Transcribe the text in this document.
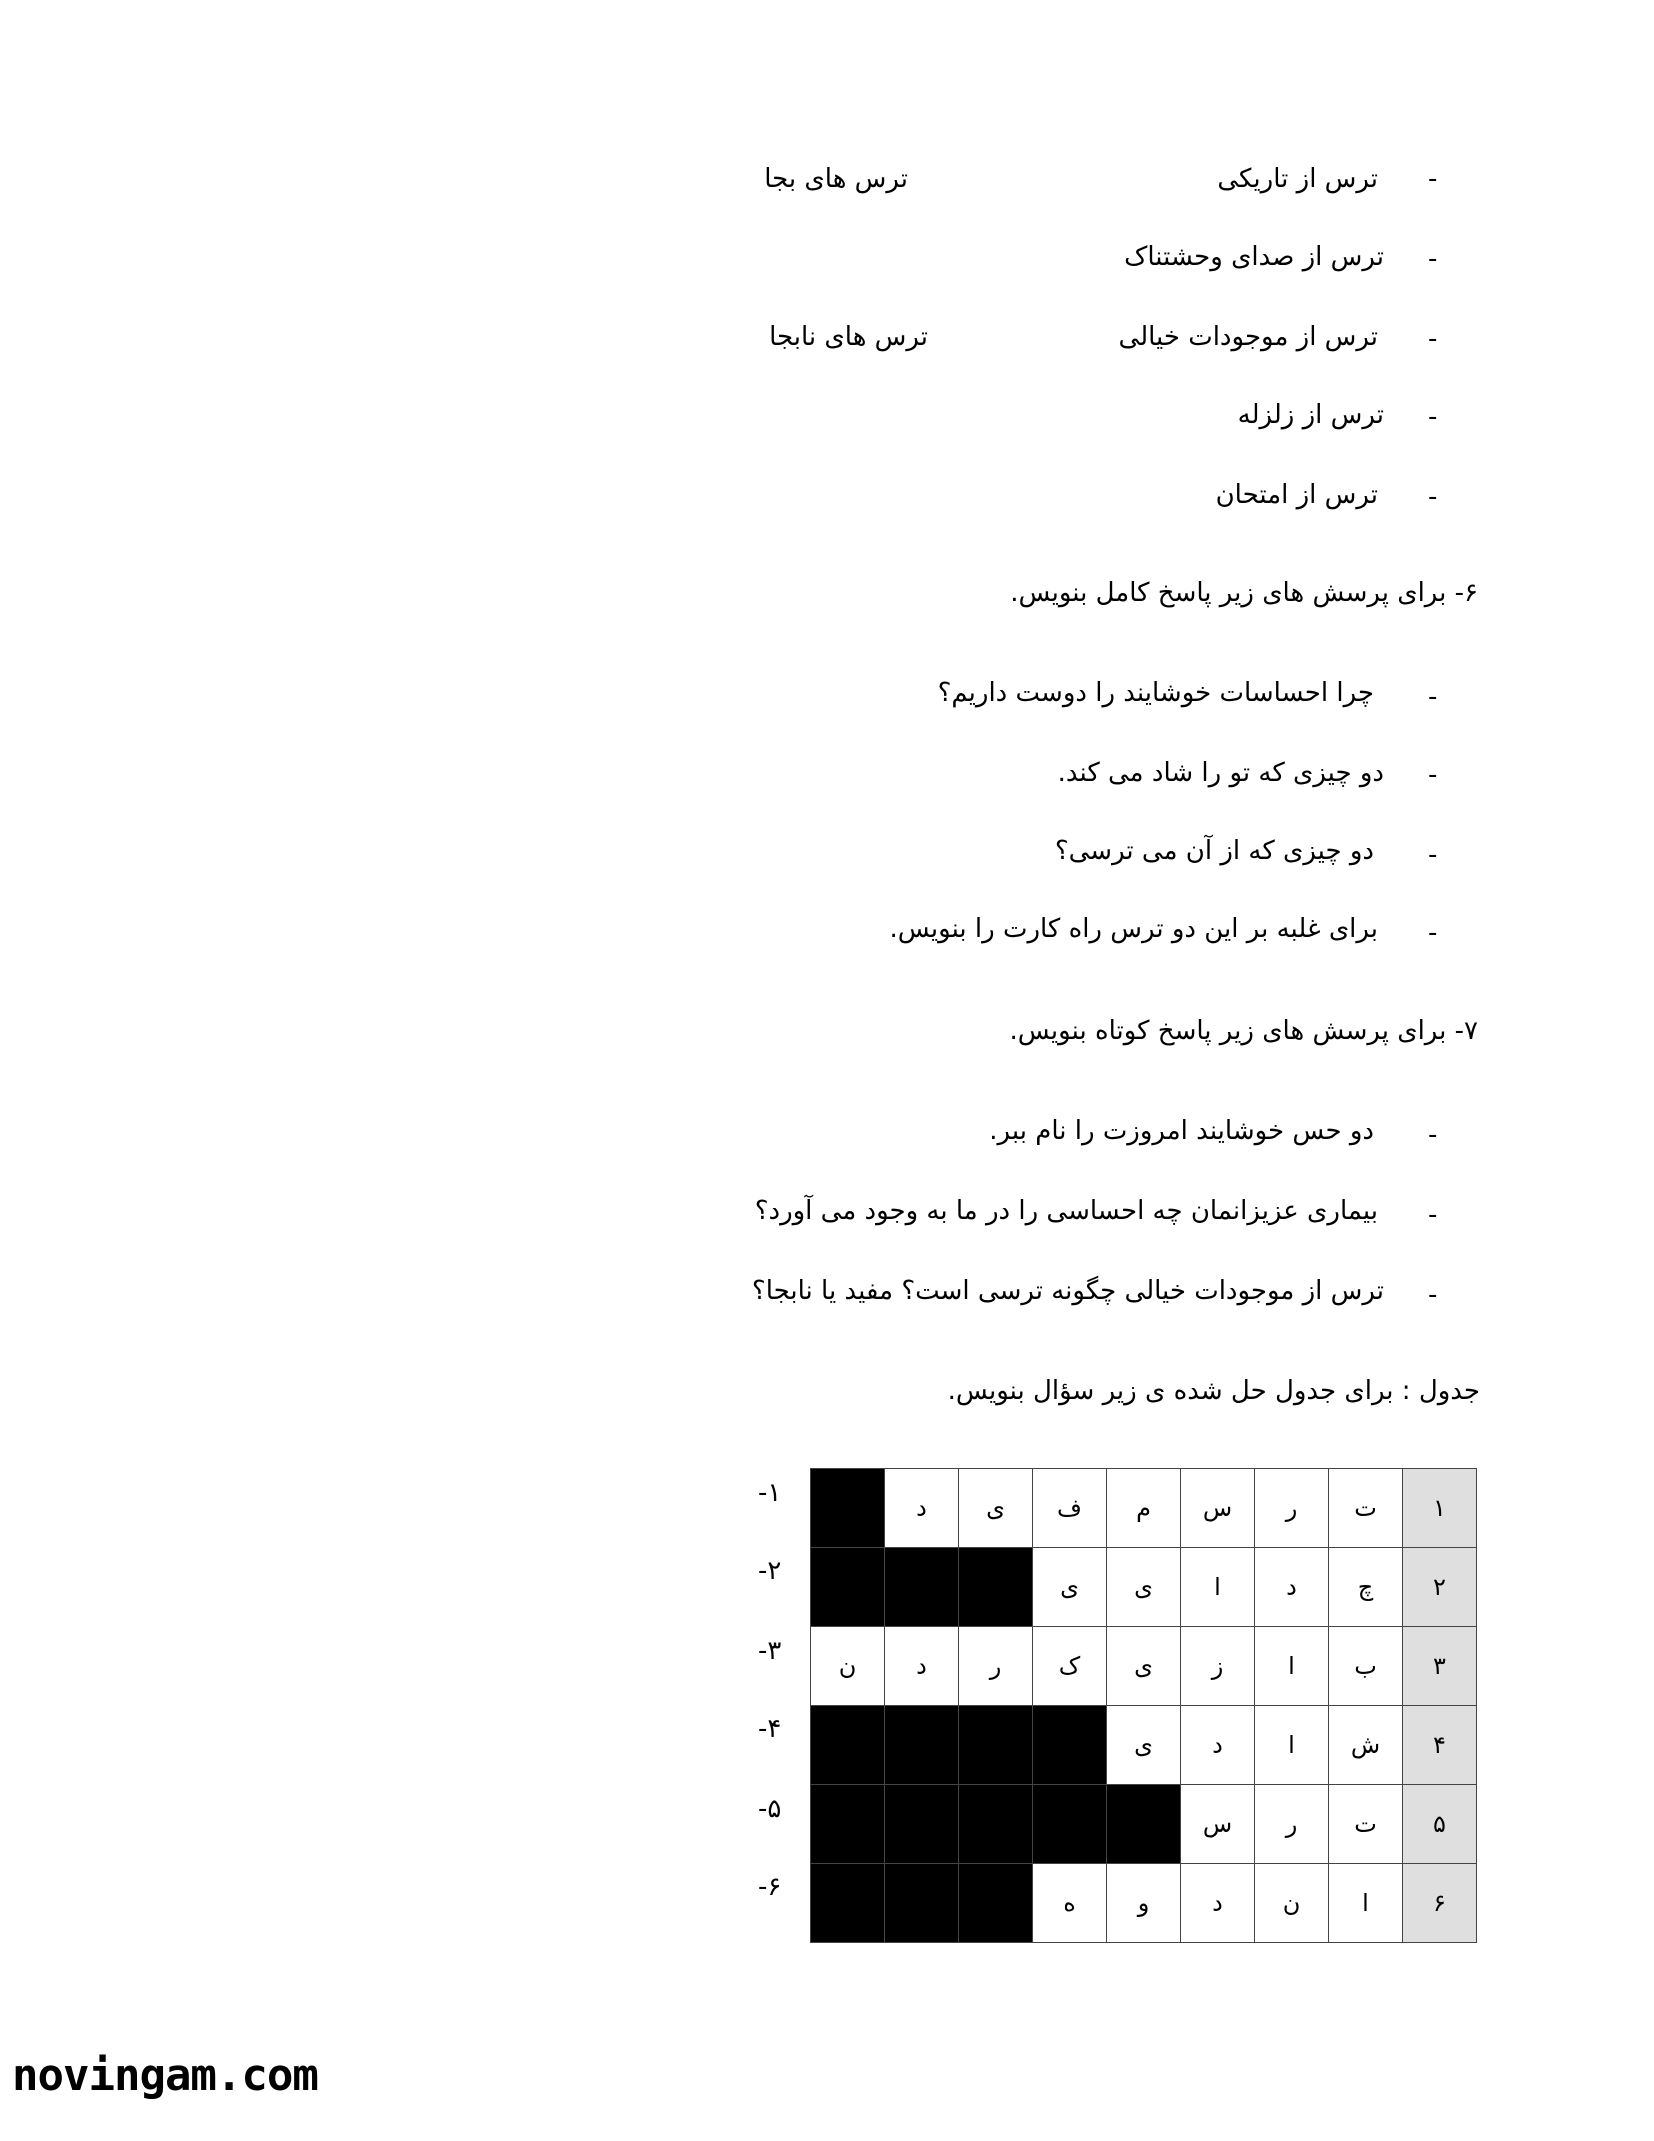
-
ترس از تاریکی
ترس های بجا
-
ترس از صدای وحشتناک
-
ترس از موجودات خیالی
ترس های نابجا
-
ترس از زلزله
-
ترس از امتحان
۶- برای پرسش های زیر پاسخ کامل بنویس.
-
چرا احساسات خوشایند را دوست داریم؟
-
دو چیزی که تو را شاد می کند.
-
دو چیزی که از آن می ترسی؟
-
برای غلبه بر این دو ترس راه کارت را بنویس.
۷- برای پرسش های زیر پاسخ کوتاه بنویس.
-
دو حس خوشایند امروزت را نام ببر.
-
بیماری عزیزانمان چه احساسی را در ما به وجود می آورد؟
-
ترس از موجودات خیالی چگونه ترسی است؟ مفید یا نابجا؟
جدول : برای جدول حل شده ی زیر سؤال بنویس.
۱-
۲-
۳-
۴-
۵-
۶-
۱	ت	ر	س	م	ف	ی	د	
۲	چ	د	ا	ی	ی			
۳	ب	ا	ز	ی	ک	ر	د	ن
۴	ش	ا	د	ی				
۵	ت	ر	س					
۶	ا	ن	د	و	ه			
novingam.com
